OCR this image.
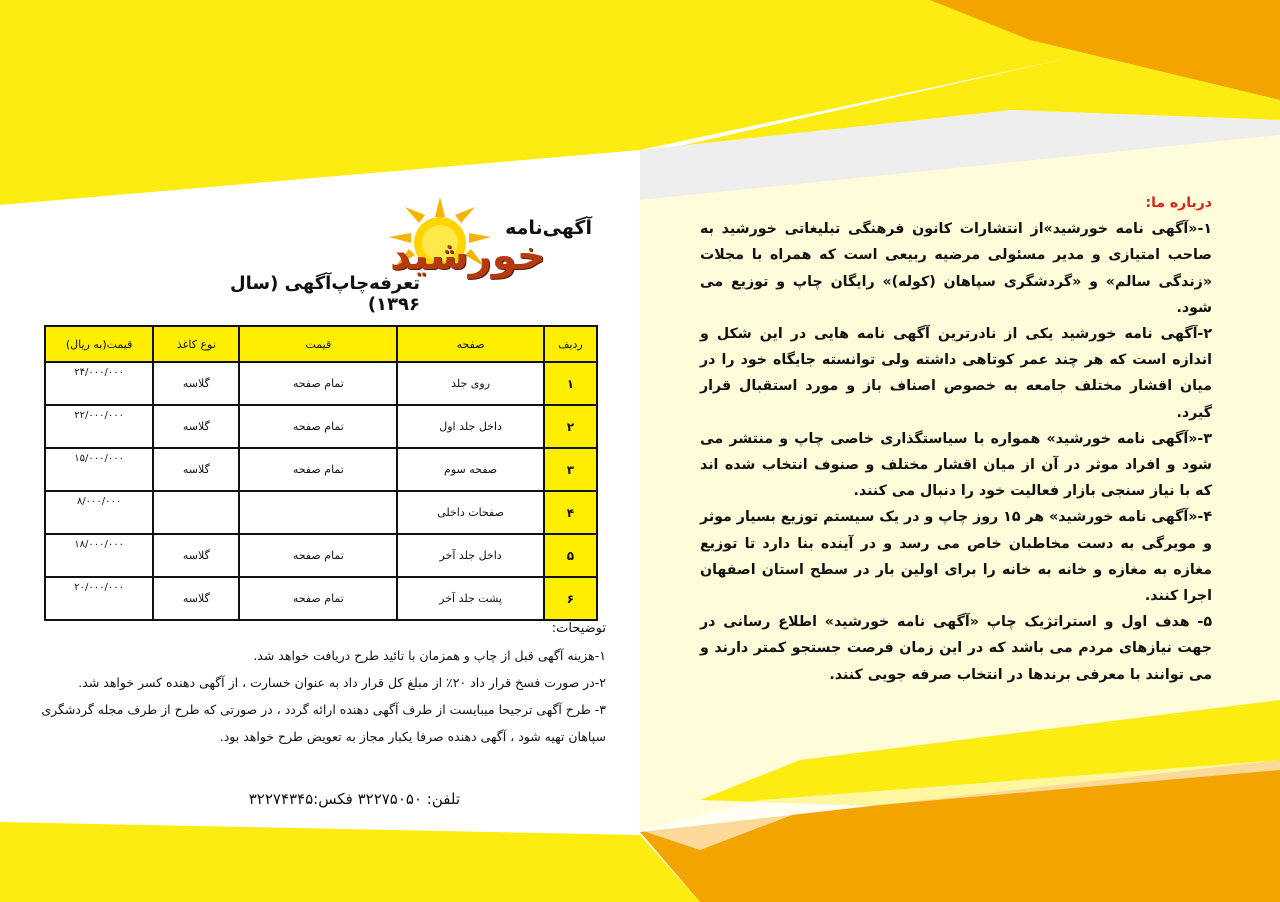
آگهی‌نامه
خورشید
تعرفه‌چاپ‌آگهی (سال ۱۳۹۶)
ردیف	صفحه	قیمت	نوع کاغذ	قیمت(به ریال)
۱	روی جلد	تمام صفحه	گلاسه	۲۴/۰۰۰/۰۰۰
۲	داخل جلد اول	تمام صفحه	گلاسه	۲۲/۰۰۰/۰۰۰
۳	صفحه سوم	تمام صفحه	گلاسه	۱۵/۰۰۰/۰۰۰
۴	صفحات داخلی			۸/۰۰۰/۰۰۰
۵	داخل جلد آخر	تمام صفحه	گلاسه	۱۸/۰۰۰/۰۰۰
۶	پشت جلد آخر	تمام صفحه	گلاسه	۲۰/۰۰۰/۰۰۰
توضیحات:
۱-هزینه آگهی قبل از چاپ و همزمان با تائید طرح دریافت خواهد شد.
۲-در صورت فسخ قرار داد ۲۰٪ از مبلغ کل قرار داد به عنوان خسارت ، از آگهی دهنده کسر خواهد شد.
۳- طرح آگهی ترجیحا میبایست از طرف آگهی دهنده ارائه گردد ، در صورتی که طرح از طرف مجله گردشگری سپاهان تهیه شود ، آگهی دهنده صرفا یکبار مجاز به تعویض طرح خواهد بود.
تلفن: ۳۲۲۷۵۰۵۰ فکس:۳۲۲۷۴۳۴۵
درباره ما:

۱-«آگهی نامه خورشید»از انتشارات کانون فرهنگی تبلیغاتی خورشید به صاحب امتیازی و مدیر مسئولی مرضیه ربیعی است که همراه با مجلات «زندگی سالم» و «گردشگری سپاهان (کوله)» رایگان چاپ و توزیع می شود.

۲-آگهی نامه خورشید یکی از نادرترین آگهی نامه هایی در این شکل و اندازه است که هر چند عمر کوتاهی داشته ولی توانسته جایگاه خود را در میان اقشار مختلف جامعه به خصوص اصناف باز و مورد استقبال قرار گیرد.

۳-«آگهی نامه خورشید» همواره با سیاستگذاری خاصی چاپ و منتشر می شود و افراد موثر در آن از میان اقشار مختلف و صنوف انتخاب شده اند که با نیاز سنجی بازار فعالیت خود را دنبال می کنند.

۴-«آگهی نامه خورشید» هر ۱۵ روز چاپ و در یک سیستم توزیع بسیار موثر و مویرگی به دست مخاطبان خاص می رسد و در آینده بنا دارد تا توزیع مغازه به مغازه و خانه به خانه را برای اولین بار در سطح استان اصفهان اجرا کنند.

۵- هدف اول و استراتژیک چاپ «آگهی نامه خورشید» اطلاع رسانی در جهت نیازهای مردم می باشد که در این زمان فرصت جستجو کمتر دارند و می توانند با معرفی برندها در انتخاب صرفه جویی کنند.
